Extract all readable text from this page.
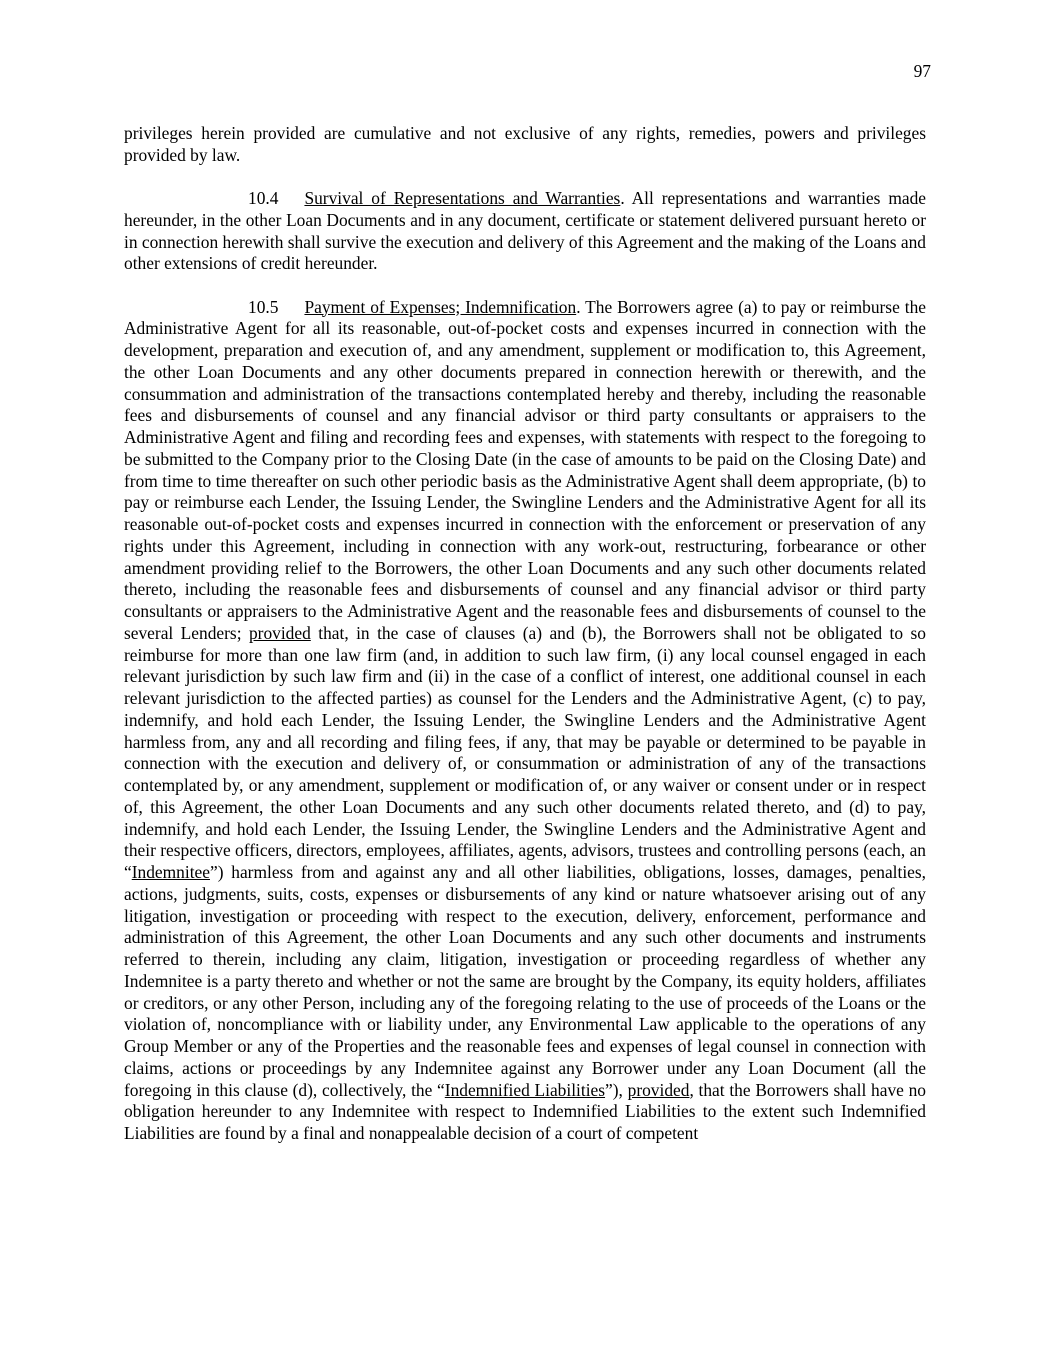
97

privileges herein provided are cumulative and not exclusive of any rights, remedies, powers and privileges provided by law.

10.4 Survival of Representations and Warranties. All representations and warranties made hereunder, in the other Loan Documents and in any document, certificate or statement delivered pursuant hereto or in connection herewith shall survive the execution and delivery of this Agreement and the making of the Loans and other extensions of credit hereunder.

10.5 Payment of Expenses; Indemnification. The Borrowers agree (a) to pay or reimburse the Administrative Agent for all its reasonable, out-of-pocket costs and expenses incurred in connection with the development, preparation and execution of, and any amendment, supplement or modification to, this Agreement, the other Loan Documents and any other documents prepared in connection herewith or therewith, and the consummation and administration of the transactions contemplated hereby and thereby, including the reasonable fees and disbursements of counsel and any financial advisor or third party consultants or appraisers to the Administrative Agent and filing and recording fees and expenses, with statements with respect to the foregoing to be submitted to the Company prior to the Closing Date (in the case of amounts to be paid on the Closing Date) and from time to time thereafter on such other periodic basis as the Administrative Agent shall deem appropriate, (b) to pay or reimburse each Lender, the Issuing Lender, the Swingline Lenders and the Administrative Agent for all its reasonable out-of-pocket costs and expenses incurred in connection with the enforcement or preservation of any rights under this Agreement, including in connection with any work-out, restructuring, forbearance or other amendment providing relief to the Borrowers, the other Loan Documents and any such other documents related thereto, including the reasonable fees and disbursements of counsel and any financial advisor or third party consultants or appraisers to the Administrative Agent and the reasonable fees and disbursements of counsel to the several Lenders; provided that, in the case of clauses (a) and (b), the Borrowers shall not be obligated to so reimburse for more than one law firm (and, in addition to such law firm, (i) any local counsel engaged in each relevant jurisdiction by such law firm and (ii) in the case of a conflict of interest, one additional counsel in each relevant jurisdiction to the affected parties) as counsel for the Lenders and the Administrative Agent, (c) to pay, indemnify, and hold each Lender, the Issuing Lender, the Swingline Lenders and the Administrative Agent harmless from, any and all recording and filing fees, if any, that may be payable or determined to be payable in connection with the execution and delivery of, or consummation or administration of any of the transactions contemplated by, or any amendment, supplement or modification of, or any waiver or consent under or in respect of, this Agreement, the other Loan Documents and any such other documents related thereto, and (d) to pay, indemnify, and hold each Lender, the Issuing Lender, the Swingline Lenders and the Administrative Agent and their respective officers, directors, employees, affiliates, agents, advisors, trustees and controlling persons (each, an “Indemnitee”) harmless from and against any and all other liabilities, obligations, losses, damages, penalties, actions, judgments, suits, costs, expenses or disbursements of any kind or nature whatsoever arising out of any litigation, investigation or proceeding with respect to the execution, delivery, enforcement, performance and administration of this Agreement, the other Loan Documents and any such other documents and instruments referred to therein, including any claim, litigation, investigation or proceeding regardless of whether any Indemnitee is a party thereto and whether or not the same are brought by the Company, its equity holders, affiliates or creditors, or any other Person, including any of the foregoing relating to the use of proceeds of the Loans or the violation of, noncompliance with or liability under, any Environmental Law applicable to the operations of any Group Member or any of the Properties and the reasonable fees and expenses of legal counsel in connection with claims, actions or proceedings by any Indemnitee against any Borrower under any Loan Document (all the foregoing in this clause (d), collectively, the “Indemnified Liabilities”), provided, that the Borrowers shall have no obligation hereunder to any Indemnitee with respect to Indemnified Liabilities to the extent such Indemnified Liabilities are found by a final and nonappealable decision of a court of competent
